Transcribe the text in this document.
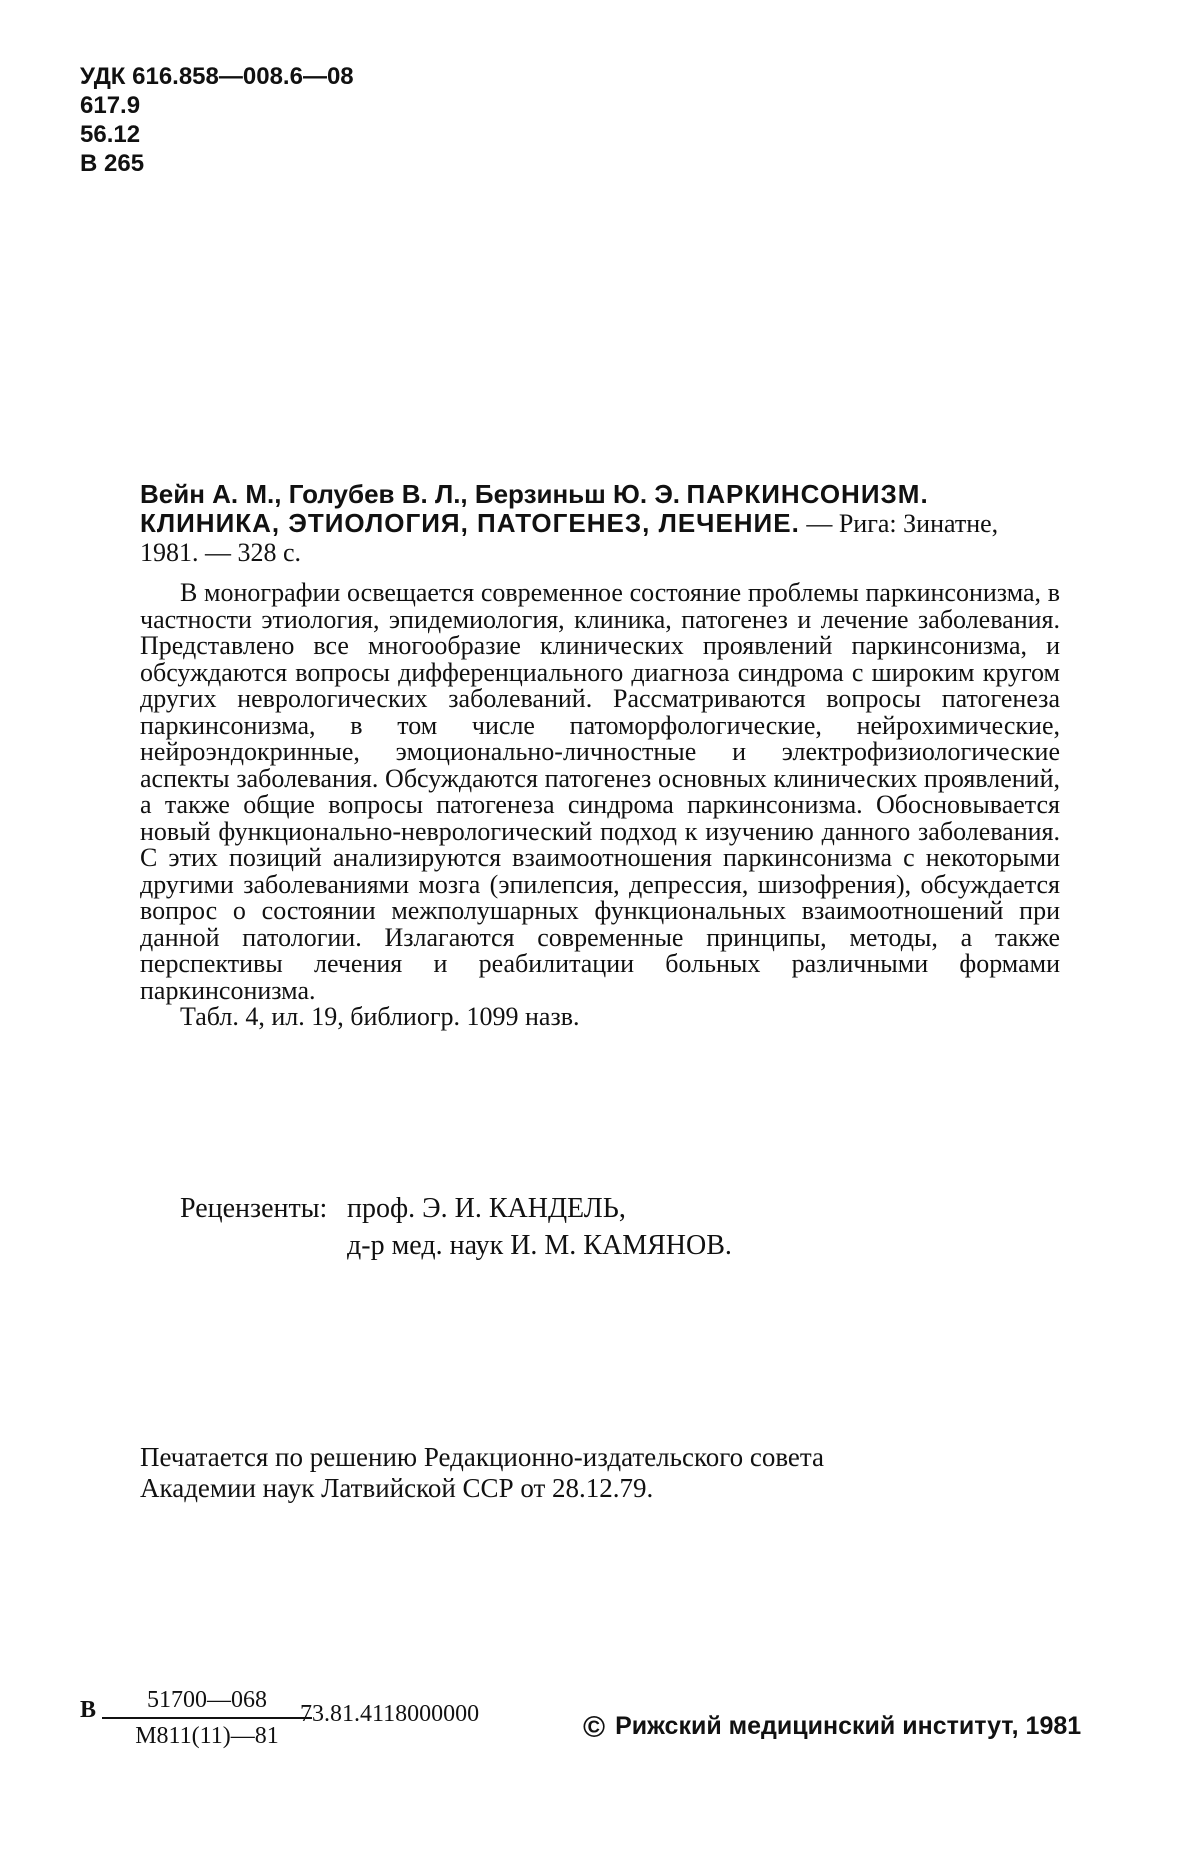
УДК 616.858—008.6—08
617.9
56.12
В 265
Вейн А. М., Голубев В. Л., Берзиньш Ю. Э. ПАРКИНСОНИЗМ. КЛИНИКА, ЭТИОЛОГИЯ, ПАТОГЕНЕЗ, ЛЕЧЕНИЕ. — Рига: Зинатне, 1981. — 328 с.

В монографии освещается современное состояние проблемы паркинсонизма, в частности этиология, эпидемиология, клиника, патогенез и лечение заболевания. Представлено все многообразие клинических проявлений паркинсонизма, и обсуждаются вопросы дифференциального диагноза синдрома с широким кругом других неврологических заболеваний. Рассматриваются вопросы патогенеза паркинсонизма, в том числе патоморфологические, нейрохимические, нейроэндокринные, эмоционально-личностные и электрофизиологические аспекты заболевания. Обсуждаются патогенез основных клинических проявлений, а также общие вопросы патогенеза синдрома паркинсонизма. Обосновывается новый функционально-неврологический подход к изучению данного заболевания. С этих позиций анализируются взаимоотношения паркинсонизма с некоторыми другими заболеваниями мозга (эпилепсия, депрессия, шизофрения), обсуждается вопрос о состоянии межполушарных функциональных взаимоотношений при данной патологии. Излагаются современные принципы, методы, а также перспективы лечения и реабилитации больных различными формами паркинсонизма.

Табл. 4, ил. 19, библиогр. 1099 назв.

Рецензенты: проф. Э. И. КАНДЕЛЬ,
д-р мед. наук И. М. КАМЯНОВ.
Печатается по решению Редакционно-издательского совета
Академии наук Латвийской ССР от 28.12.79.
В	51700—068
М811(11)—81
73.81.4118000000	© Рижский медицинский институт, 1981
